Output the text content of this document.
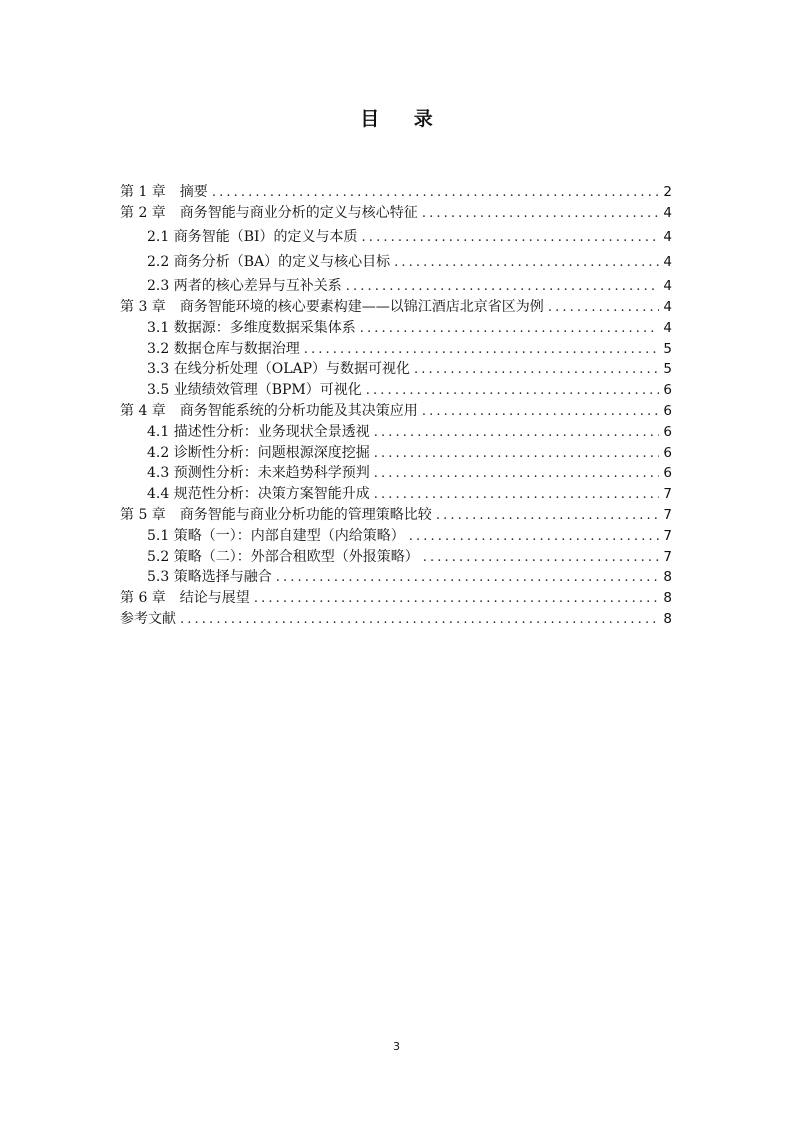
目 录
第 1 章　摘要 . . .	2
第 2 章　商务智能与商业分析的定义与核心特征 . . .	4
2.1 商务智能（BI）的定义与本质 . . .	4
2.2 商务分析（BA）的定义与核心目标 . . .	4
2.3 两者的核心差异与互补关系 . . .	4
第 3 章　商务智能环境的核心要素构建——以锦江酒店北京省区为例 . . .	4
3.1 数据源：多维度数据采集体系 . . .	4
3.2 数据仓库与数据治理 . . .	5
3.3 在线分析处理（OLAP）与数据可视化 . . .	5
3.5 业绩绩效管理（BPM）可视化 . . .	6
第 4 章　商务智能系统的分析功能及其决策应用 . . .	6
4.1 描述性分析：业务现状全景透视 . . .	6
4.2 诊断性分析：问题根源深度挖掘 . . .	6
4.3 预测性分析：未来趋势科学预判 . . .	6
4.4 规范性分析：决策方案智能升成 . . .	7
第 5 章　商务智能与商业分析功能的管理策略比较 . . .	7
5.1 策略（一）：内部自建型（内给策略） . . .	7
5.2 策略（二）：外部合租欧型（外报策略） . . .	7
5.3 策略选择与融合 . . .	8
第 6 章　结论与展望 . . .	8
参考文献 . . .	8
3
